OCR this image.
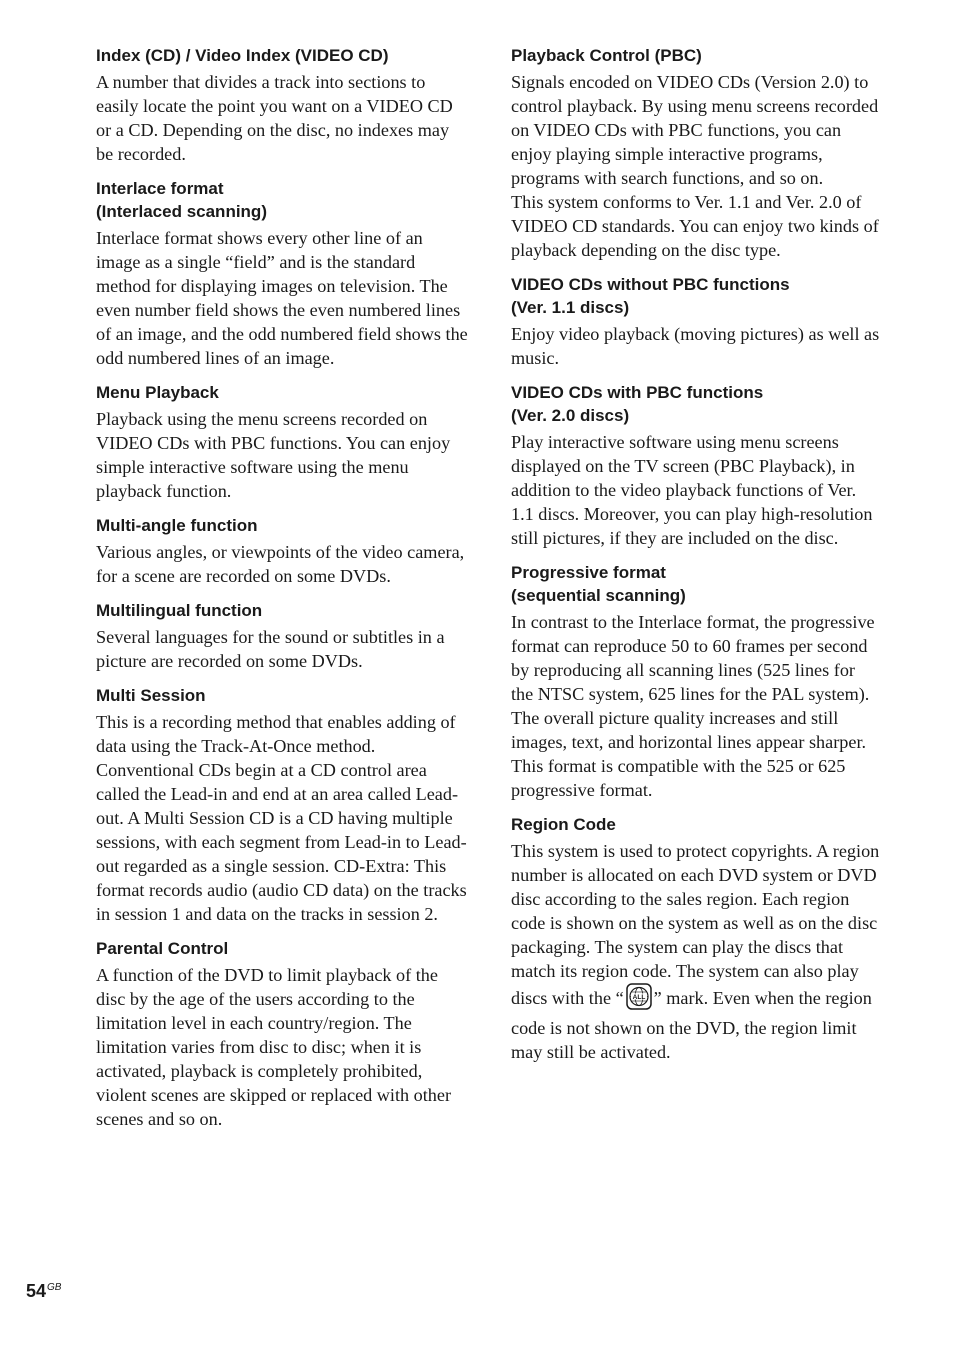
Index (CD) / Video Index (VIDEO CD)

A number that divides a track into sections to easily locate the point you want on a VIDEO CD or a CD. Depending on the disc, no indexes may be recorded.

Interlace format
(Interlaced scanning)

Interlace format shows every other line of an image as a single “field” and is the standard method for displaying images on television. The even number field shows the even numbered lines of an image, and the odd numbered field shows the odd numbered lines of an image.

Menu Playback

Playback using the menu screens recorded on VIDEO CDs with PBC functions. You can enjoy simple interactive software using the menu playback function.

Multi-angle function

Various angles, or viewpoints of the video camera, for a scene are recorded on some DVDs.

Multilingual function

Several languages for the sound or subtitles in a picture are recorded on some DVDs.

Multi Session

This is a recording method that enables adding of data using the Track-At-Once method. Conventional CDs begin at a CD control area called the Lead-in and end at an area called Lead-out. A Multi Session CD is a CD having multiple sessions, with each segment from Lead-in to Lead-out regarded as a single session. CD-Extra: This format records audio (audio CD data) on the tracks in session 1 and data on the tracks in session 2.

Parental Control

A function of the DVD to limit playback of the disc by the age of the users according to the limitation level in each country/region. The limitation varies from disc to disc; when it is activated, playback is completely prohibited, violent scenes are skipped or replaced with other scenes and so on.

Playback Control (PBC)

Signals encoded on VIDEO CDs (Version 2.0) to control playback. By using menu screens recorded on VIDEO CDs with PBC functions, you can enjoy playing simple interactive programs, programs with search functions, and so on.
This system conforms to Ver. 1.1 and Ver. 2.0 of VIDEO CD standards. You can enjoy two kinds of playback depending on the disc type.

VIDEO CDs without PBC functions
(Ver. 1.1 discs)

Enjoy video playback (moving pictures) as well as music.

VIDEO CDs with PBC functions
(Ver. 2.0 discs)

Play interactive software using menu screens displayed on the TV screen (PBC Playback), in addition to the video playback functions of Ver. 1.1 discs. Moreover, you can play high-resolution still pictures, if they are included on the disc.

Progressive format
(sequential scanning)

In contrast to the Interlace format, the progressive format can reproduce 50 to 60 frames per second by reproducing all scanning lines (525 lines for the NTSC system, 625 lines for the PAL system). The overall picture quality increases and still images, text, and horizontal lines appear sharper. This format is compatible with the 525 or 625 progressive format.

Region Code

This system is used to protect copyrights. A region number is allocated on each DVD system or DVD disc according to the sales region. Each region code is shown on the system as well as on the disc packaging. The system can play the discs that match its region code. The system can also play discs with the “ ALL ” mark. Even when the region code is not shown on the DVD, the region limit may still be activated.

$54^{GB}$
